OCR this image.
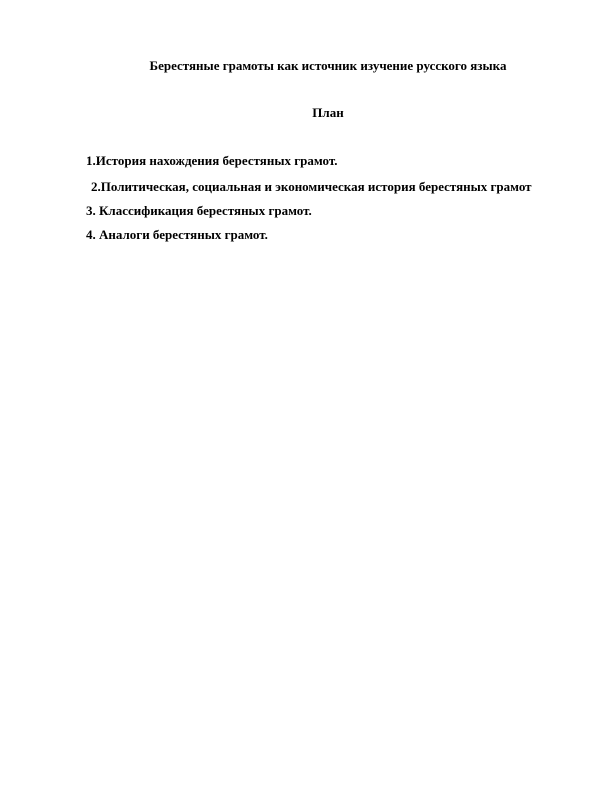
Берестяные грамоты как источник изучение русского языка
План
1.История нахождения берестяных грамот.
2.Политическая, социальная и экономическая история берестяных грамот
3. Классификация берестяных грамот.
4. Аналоги берестяных грамот.
